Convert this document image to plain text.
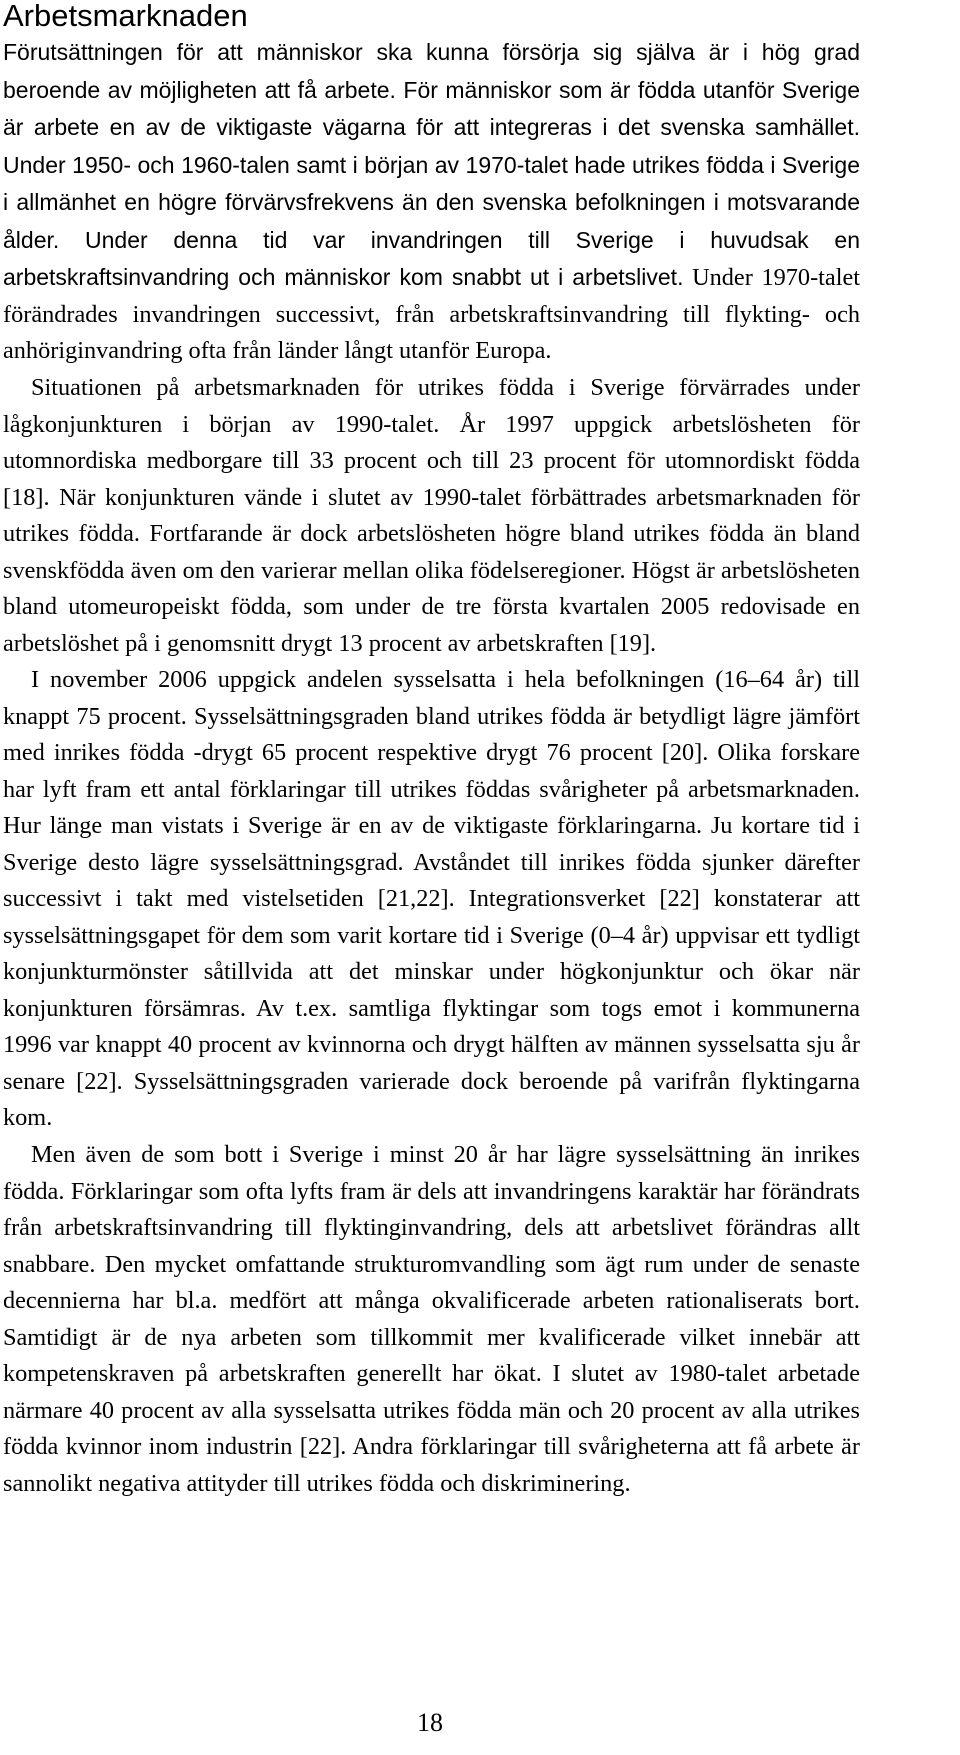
Arbetsmarknaden

Förutsättningen för att människor ska kunna försörja sig själva är i hög grad beroende av möjligheten att få arbete. För människor som är födda utanför Sverige är arbete en av de viktigaste vägarna för att integreras i det svenska samhället. Under 1950- och 1960-talen samt i början av 1970-talet hade utrikes födda i Sverige i allmänhet en högre förvärvsfrekvens än den svenska befolkningen i motsvarande ålder. Under denna tid var invandringen till Sverige i huvudsak en arbetskraftsinvandring och människor kom snabbt ut i arbetslivet. Under 1970-talet förändrades invandringen successivt, från arbetskraftsinvandring till flykting- och anhöriginvandring ofta från länder långt utanför Europa.

Situationen på arbetsmarknaden för utrikes födda i Sverige förvärrades under lågkonjunkturen i början av 1990-talet. År 1997 uppgick arbetslösheten för utomnordiska medborgare till 33 procent och till 23 procent för utomnordiskt födda [18]. När konjunkturen vände i slutet av 1990-talet förbättrades arbetsmarknaden för utrikes födda. Fortfarande är dock arbetslösheten högre bland utrikes födda än bland svenskfödda även om den varierar mellan olika födelseregioner. Högst är arbetslösheten bland utomeuropeiskt födda, som under de tre första kvartalen 2005 redovisade en arbetslöshet på i genomsnitt drygt 13 procent av arbetskraften [19].

I november 2006 uppgick andelen sysselsatta i hela befolkningen (16–64 år) till knappt 75 procent. Sysselsättningsgraden bland utrikes födda är betydligt lägre jämfört med inrikes födda -drygt 65 procent respektive drygt 76 procent [20]. Olika forskare har lyft fram ett antal förklaringar till utrikes föddas svårigheter på arbetsmarknaden. Hur länge man vistats i Sverige är en av de viktigaste förklaringarna. Ju kortare tid i Sverige desto lägre sysselsättningsgrad. Avståndet till inrikes födda sjunker därefter successivt i takt med vistelsetiden [21,22]. Integrationsverket [22] konstaterar att sysselsättningsgapet för dem som varit kortare tid i Sverige (0–4 år) uppvisar ett tydligt konjunkturmönster såtillvida att det minskar under högkonjunktur och ökar när konjunkturen försämras. Av t.ex. samtliga flyktingar som togs emot i kommunerna 1996 var knappt 40 procent av kvinnorna och drygt hälften av männen sysselsatta sju år senare [22]. Sysselsättningsgraden varierade dock beroende på varifrån flyktingarna kom.

Men även de som bott i Sverige i minst 20 år har lägre sysselsättning än inrikes födda. Förklaringar som ofta lyfts fram är dels att invandringens karaktär har förändrats från arbetskraftsinvandring till flyktinginvandring, dels att arbetslivet förändras allt snabbare. Den mycket omfattande strukturomvandling som ägt rum under de senaste decennierna har bl.a. medfört att många okvalificerade arbeten rationaliserats bort. Samtidigt är de nya arbeten som tillkommit mer kvalificerade vilket innebär att kompetenskraven på arbetskraften generellt har ökat. I slutet av 1980-talet arbetade närmare 40 procent av alla sysselsatta utrikes födda män och 20 procent av alla utrikes födda kvinnor inom industrin [22]. Andra förklaringar till svårigheterna att få arbete är sannolikt negativa attityder till utrikes födda och diskriminering.

18
